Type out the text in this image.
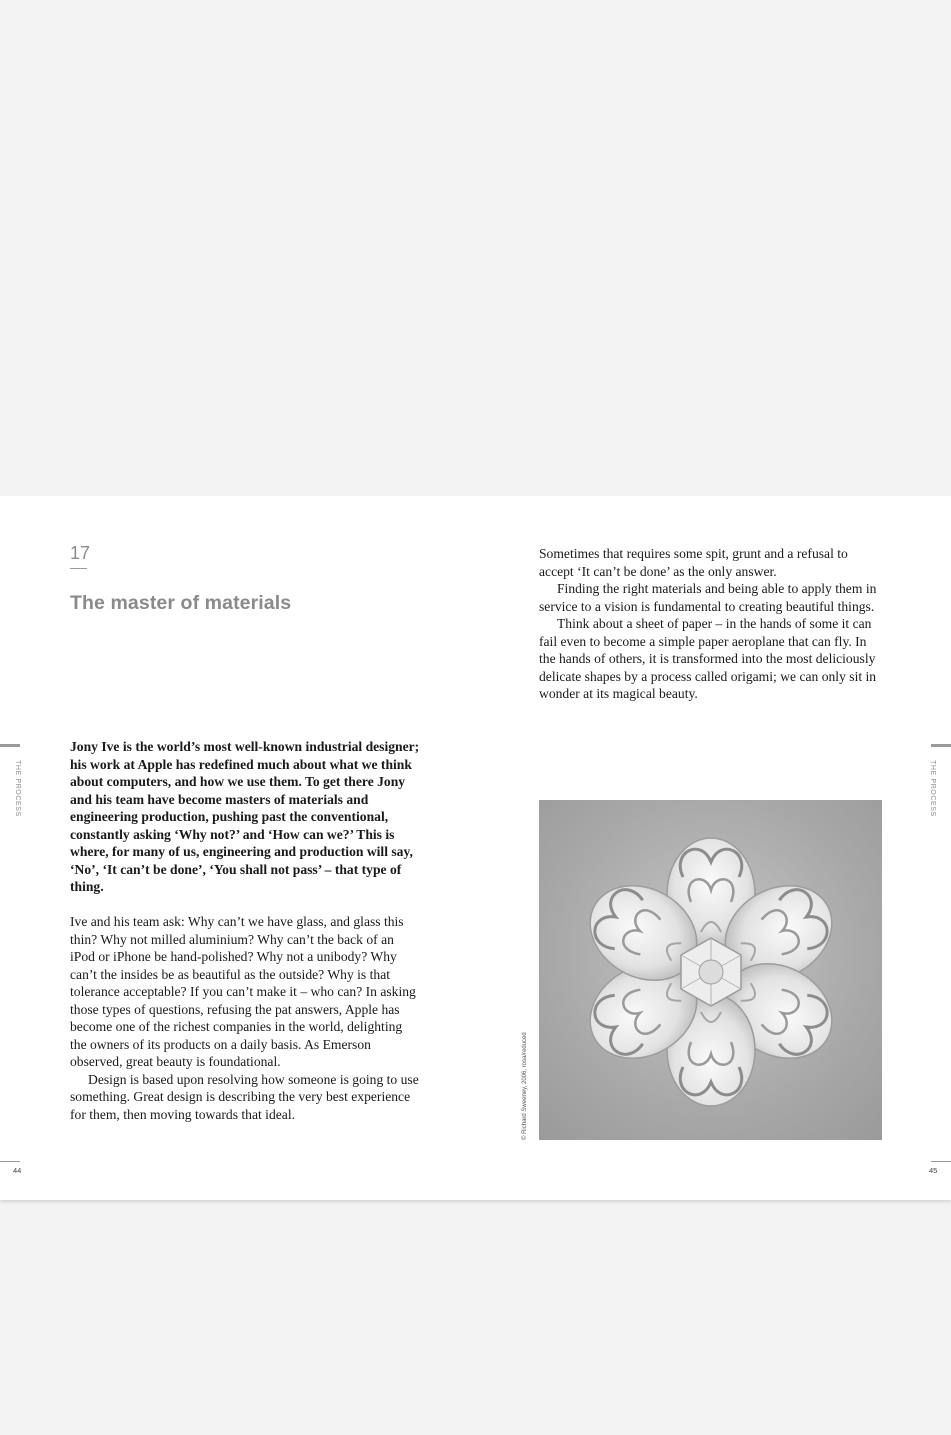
THE PROCESS
17
The master of materials

Jony Ive is the world’s most well-known industrial designer; his work at Apple has redefined much about what we think about computers, and how we use them. To get there Jony and his team have become masters of materials and engineering production, pushing past the conventional, constantly asking ‘Why not?’ and ‘How can we?’ This is where, for many of us, engineering and production will say, ‘No’, ‘It can’t be done’, ‘You shall not pass’ – that type of thing.

Ive and his team ask: Why can’t we have glass, and glass this thin? Why not milled aluminium? Why can’t the back of an iPod or iPhone be hand-polished? Why not a unibody? Why can’t the insides be as beautiful as the outside? Why is that tolerance acceptable? If you can’t make it – who can? In asking those types of questions, refusing the pat answers, Apple has become one of the richest companies in the world, delighting the owners of its products on a daily basis. As Emerson observed, great beauty is foundational.

Design is based upon resolving how someone is going to use something. Great design is describing the very best experience for them, then moving towards that ideal.

44

Sometimes that requires some spit, grunt and a refusal to accept ‘It can’t be done’ as the only answer.

Finding the right materials and being able to apply them in service to a vision is fundamental to creating beautiful things.

Think about a sheet of paper – in the hands of some it can fail even to become a simple paper aeroplane that can fly. In the hands of others, it is transformed into the most deliciously delicate shapes by a process called origami; we can only sit in wonder at its magical beauty.

© Richard Sweeney, 2006, rosa/reduced
THE PROCESS
45
